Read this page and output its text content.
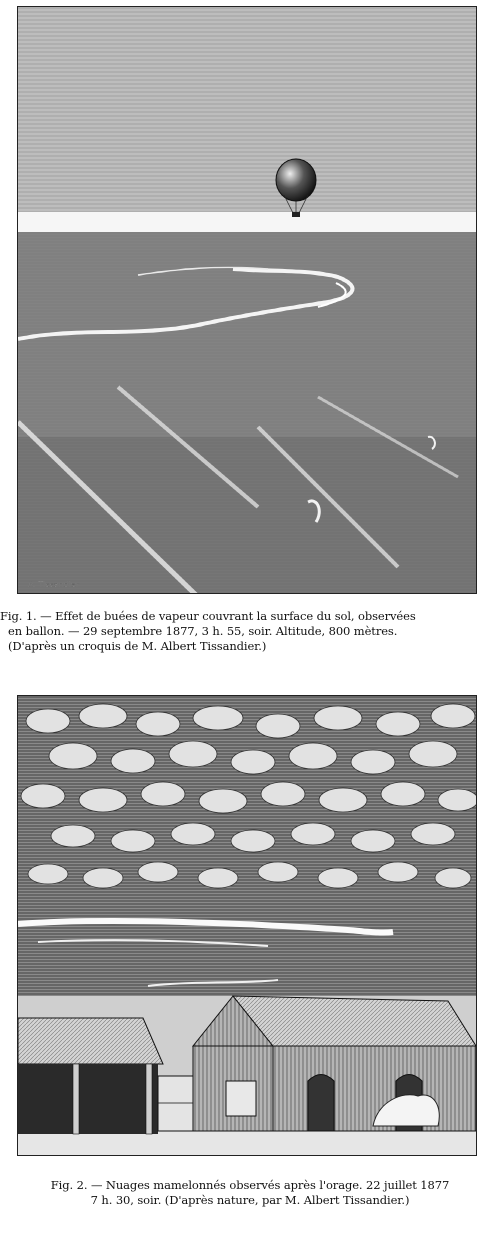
A. Tissandier
Fig. 1. — Effet de buées de vapeur couvrant la surface du sol, observées
en ballon. — 29 septembre 1877, 3 h. 55, soir. Altitude, 800 mètres.
(D'après un croquis de M. Albert Tissandier.)
Fig. 2. — Nuages mamelonnés observés après l'orage. 22 juillet 1877
7 h. 30, soir. (D'après nature, par M. Albert Tissandier.)
